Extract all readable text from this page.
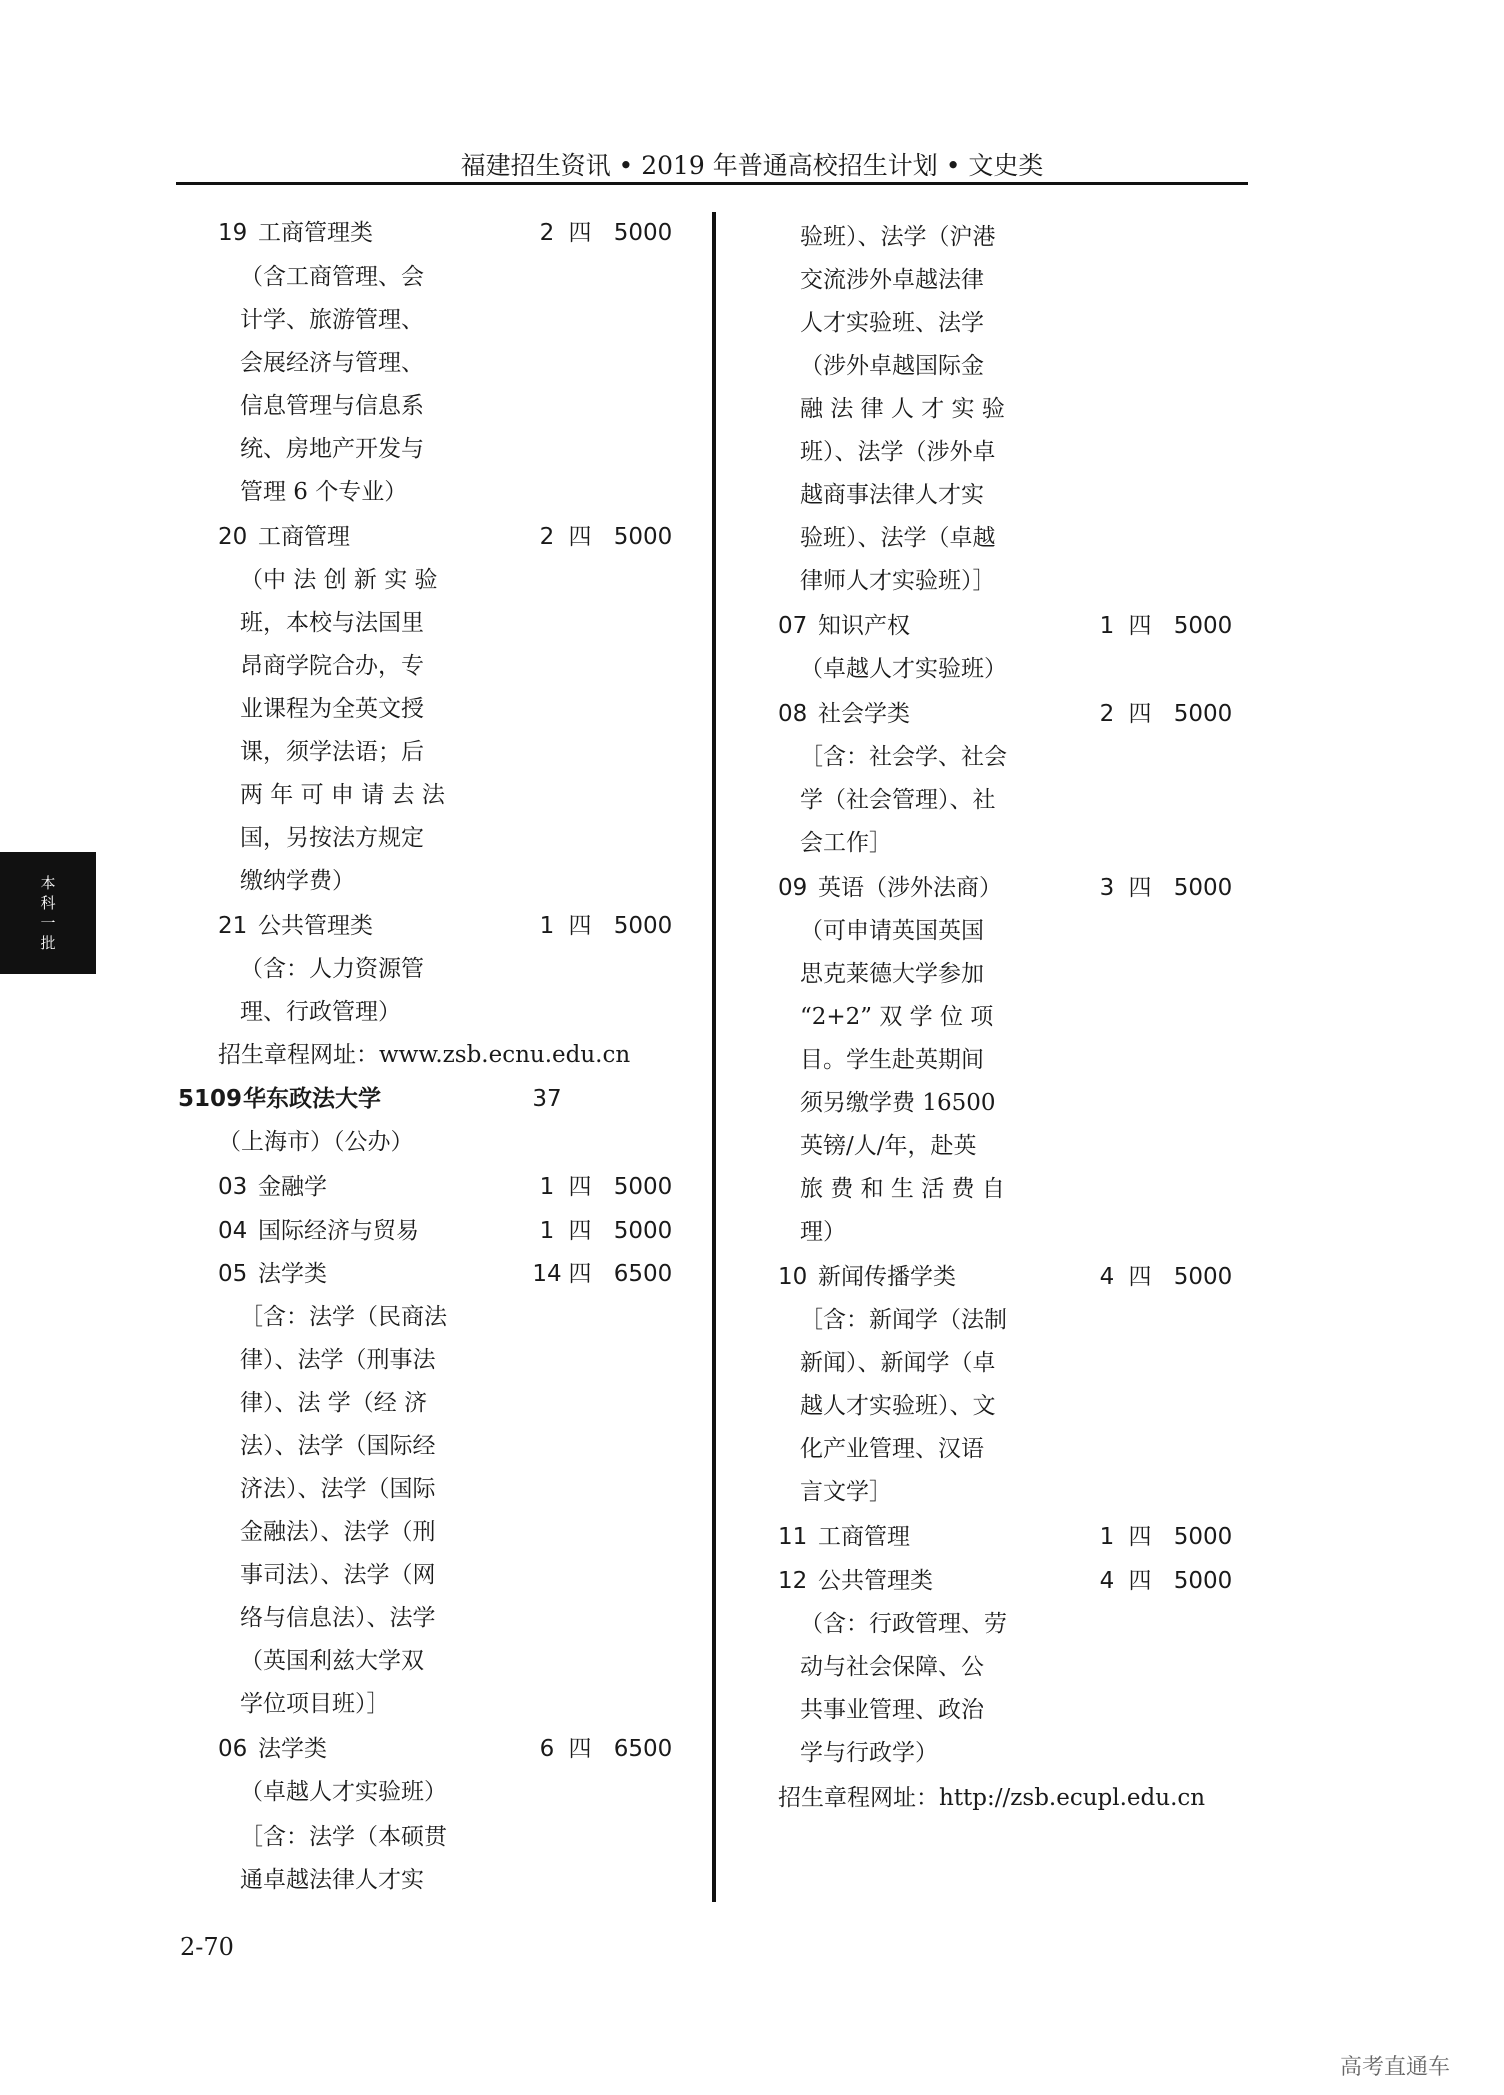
福建招生资讯 • 2019 年普通高校招生计划 • 文史类
本
科
一
批
19 工商管理类	2 四 5000
（含工商管理、会
计学、旅游管理、
会展经济与管理、
信息管理与信息系
统、房地产开发与
管理 6 个专业）
20 工商管理	2 四 5000
（中 法 创 新 实 验
班，本校与法国里
昂商学院合办，专
业课程为全英文授
课，须学法语；后
两 年 可 申 请 去 法
国，另按法方规定
缴纳学费）
21 公共管理类	1 四 5000
（含：人力资源管
理、行政管理）
招生章程网址：www.zsb.ecnu.edu.cn
5109 华东政法大学	37
（上海市）（公办）
03 金融学	1 四 5000
04 国际经济与贸易	1 四 5000
05 法学类	14 四 6500
［含：法学（民商法
律）、法学（刑事法
律）、法 学（经 济
法）、法学（国际经
济法）、法学（国际
金融法）、法学（刑
事司法）、法学（网
络与信息法）、法学
（英国利兹大学双
学位项目班）］
06 法学类	6 四 6500
（卓越人才实验班）
［含：法学（本硕贯
通卓越法律人才实
验班）、法学（沪港
交流涉外卓越法律
人才实验班、法学
（涉外卓越国际金
融 法 律 人 才 实 验
班）、法学（涉外卓
越商事法律人才实
验班）、法学（卓越
律师人才实验班）］
07 知识产权	1 四 5000
（卓越人才实验班）
08 社会学类	2 四 5000
［含：社会学、社会
学（社会管理）、社
会工作］
09 英语（涉外法商）	3 四 5000
（可申请英国英国
思克莱德大学参加
“2+2” 双 学 位 项
目。学生赴英期间
须另缴学费 16500
英镑/人/年，赴英
旅 费 和 生 活 费 自
理）
10 新闻传播学类	4 四 5000
［含：新闻学（法制
新闻）、新闻学（卓
越人才实验班）、文
化产业管理、汉语
言文学］
11 工商管理	1 四 5000
12 公共管理类	4 四 5000
（含：行政管理、劳
动与社会保障、公
共事业管理、政治
学与行政学）
招生章程网址：http://zsb.ecupl.edu.cn
2-70
高考直通车
